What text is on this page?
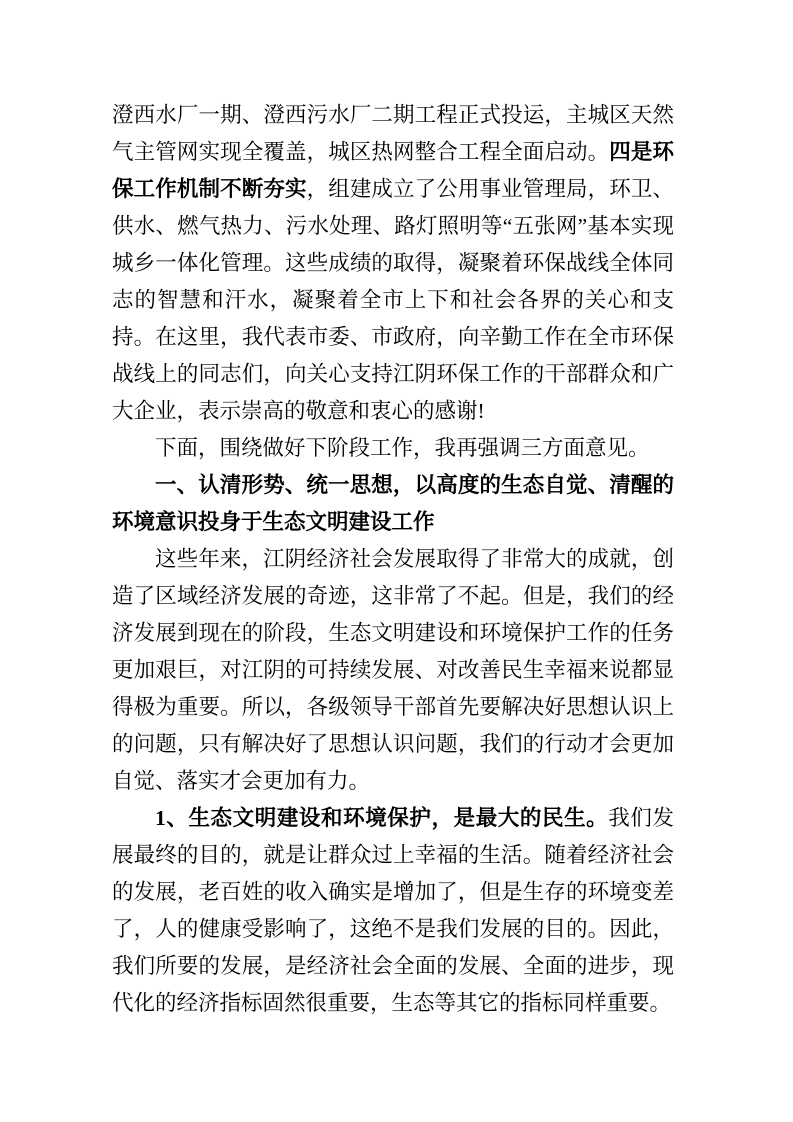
澄西水厂一期、澄西污水厂二期工程正式投运，主城区天然气主管网实现全覆盖，城区热网整合工程全面启动。四是环保工作机制不断夯实，组建成立了公用事业管理局，环卫、供水、燃气热力、污水处理、路灯照明等“五张网”基本实现城乡一体化管理。这些成绩的取得，凝聚着环保战线全体同志的智慧和汗水，凝聚着全市上下和社会各界的关心和支持。在这里，我代表市委、市政府，向辛勤工作在全市环保战线上的同志们，向关心支持江阴环保工作的干部群众和广大企业，表示崇高的敬意和衷心的感谢!

下面，围绕做好下阶段工作，我再强调三方面意见。

一、认清形势、统一思想，以高度的生态自觉、清醒的环境意识投身于生态文明建设工作

这些年来，江阴经济社会发展取得了非常大的成就，创造了区域经济发展的奇迹，这非常了不起。但是，我们的经济发展到现在的阶段，生态文明建设和环境保护工作的任务更加艰巨，对江阴的可持续发展、对改善民生幸福来说都显得极为重要。所以，各级领导干部首先要解决好思想认识上的问题，只有解决好了思想认识问题，我们的行动才会更加自觉、落实才会更加有力。

1、生态文明建设和环境保护，是最大的民生。我们发展最终的目的，就是让群众过上幸福的生活。随着经济社会的发展，老百姓的收入确实是增加了，但是生存的环境变差了，人的健康受影响了，这绝不是我们发展的目的。因此，我们所要的发展，是经济社会全面的发展、全面的进步，现代化的经济指标固然很重要，生态等其它的指标同样重要。
